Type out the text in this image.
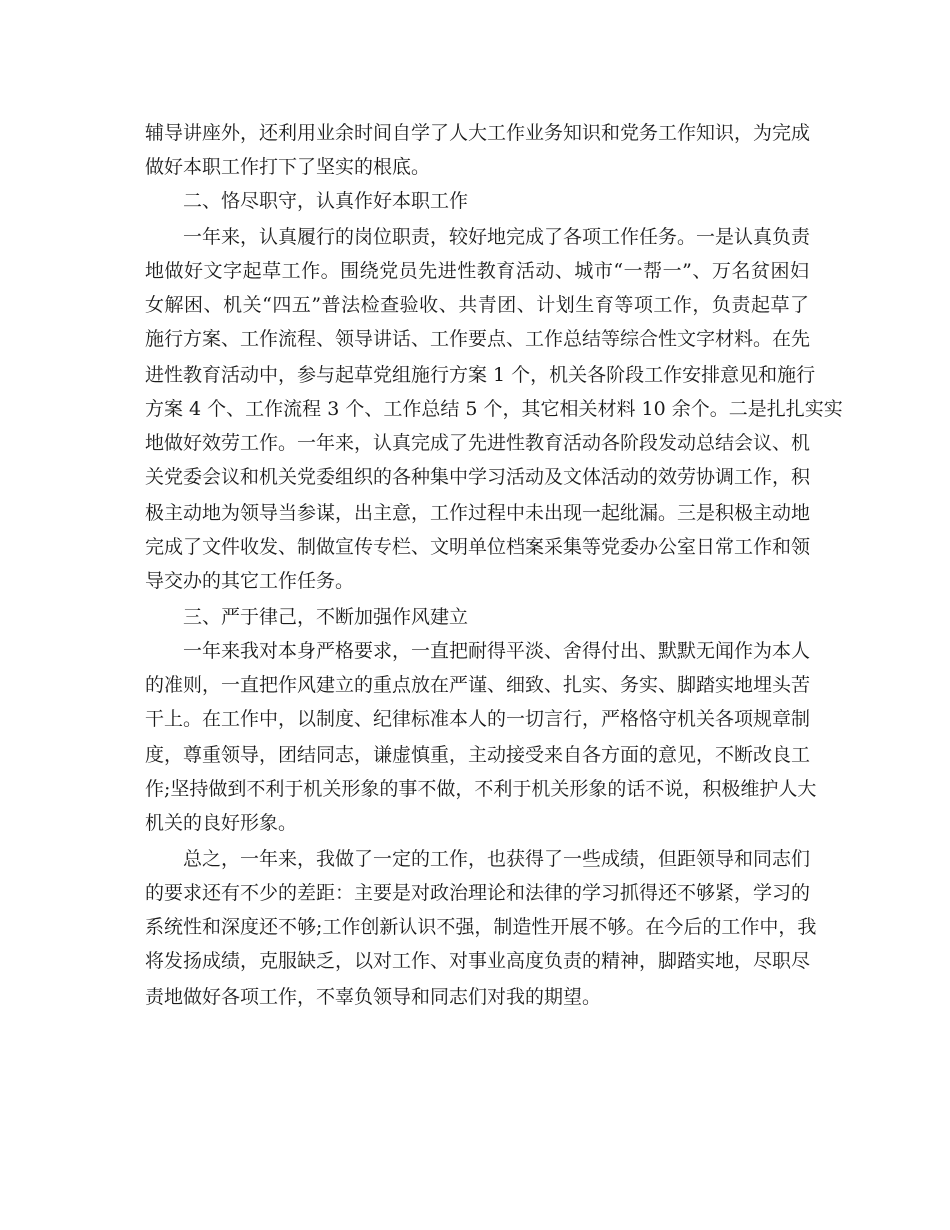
辅导讲座外，还利用业余时间自学了人大工作业务知识和党务工作知识，为完成
做好本职工作打下了坚实的根底。
二、恪尽职守，认真作好本职工作
一年来，认真履行的岗位职责，较好地完成了各项工作任务。一是认真负责
地做好文字起草工作。围绕党员先进性教育活动、城市“一帮一”、万名贫困妇
女解困、机关“四五”普法检查验收、共青团、计划生育等项工作，负责起草了
施行方案、工作流程、领导讲话、工作要点、工作总结等综合性文字材料。在先
进性教育活动中，参与起草党组施行方案 1 个，机关各阶段工作安排意见和施行
方案 4 个、工作流程 3 个、工作总结 5 个，其它相关材料 10 余个。二是扎扎实实
地做好效劳工作。一年来，认真完成了先进性教育活动各阶段发动总结会议、机
关党委会议和机关党委组织的各种集中学习活动及文体活动的效劳协调工作，积
极主动地为领导当参谋，出主意，工作过程中未出现一起纰漏。三是积极主动地
完成了文件收发、制做宣传专栏、文明单位档案采集等党委办公室日常工作和领
导交办的其它工作任务。
三、严于律己，不断加强作风建立
一年来我对本身严格要求，一直把耐得平淡、舍得付出、默默无闻作为本人
的准则，一直把作风建立的重点放在严谨、细致、扎实、务实、脚踏实地埋头苦
干上。在工作中，以制度、纪律标准本人的一切言行，严格恪守机关各项规章制
度，尊重领导，团结同志，谦虚慎重，主动接受来自各方面的意见，不断改良工
作;坚持做到不利于机关形象的事不做，不利于机关形象的话不说，积极维护人大
机关的良好形象。
总之，一年来，我做了一定的工作，也获得了一些成绩，但距领导和同志们
的要求还有不少的差距：主要是对政治理论和法律的学习抓得还不够紧，学习的
系统性和深度还不够;工作创新认识不强，制造性开展不够。在今后的工作中，我
将发扬成绩，克服缺乏，以对工作、对事业高度负责的精神，脚踏实地，尽职尽
责地做好各项工作，不辜负领导和同志们对我的期望。
